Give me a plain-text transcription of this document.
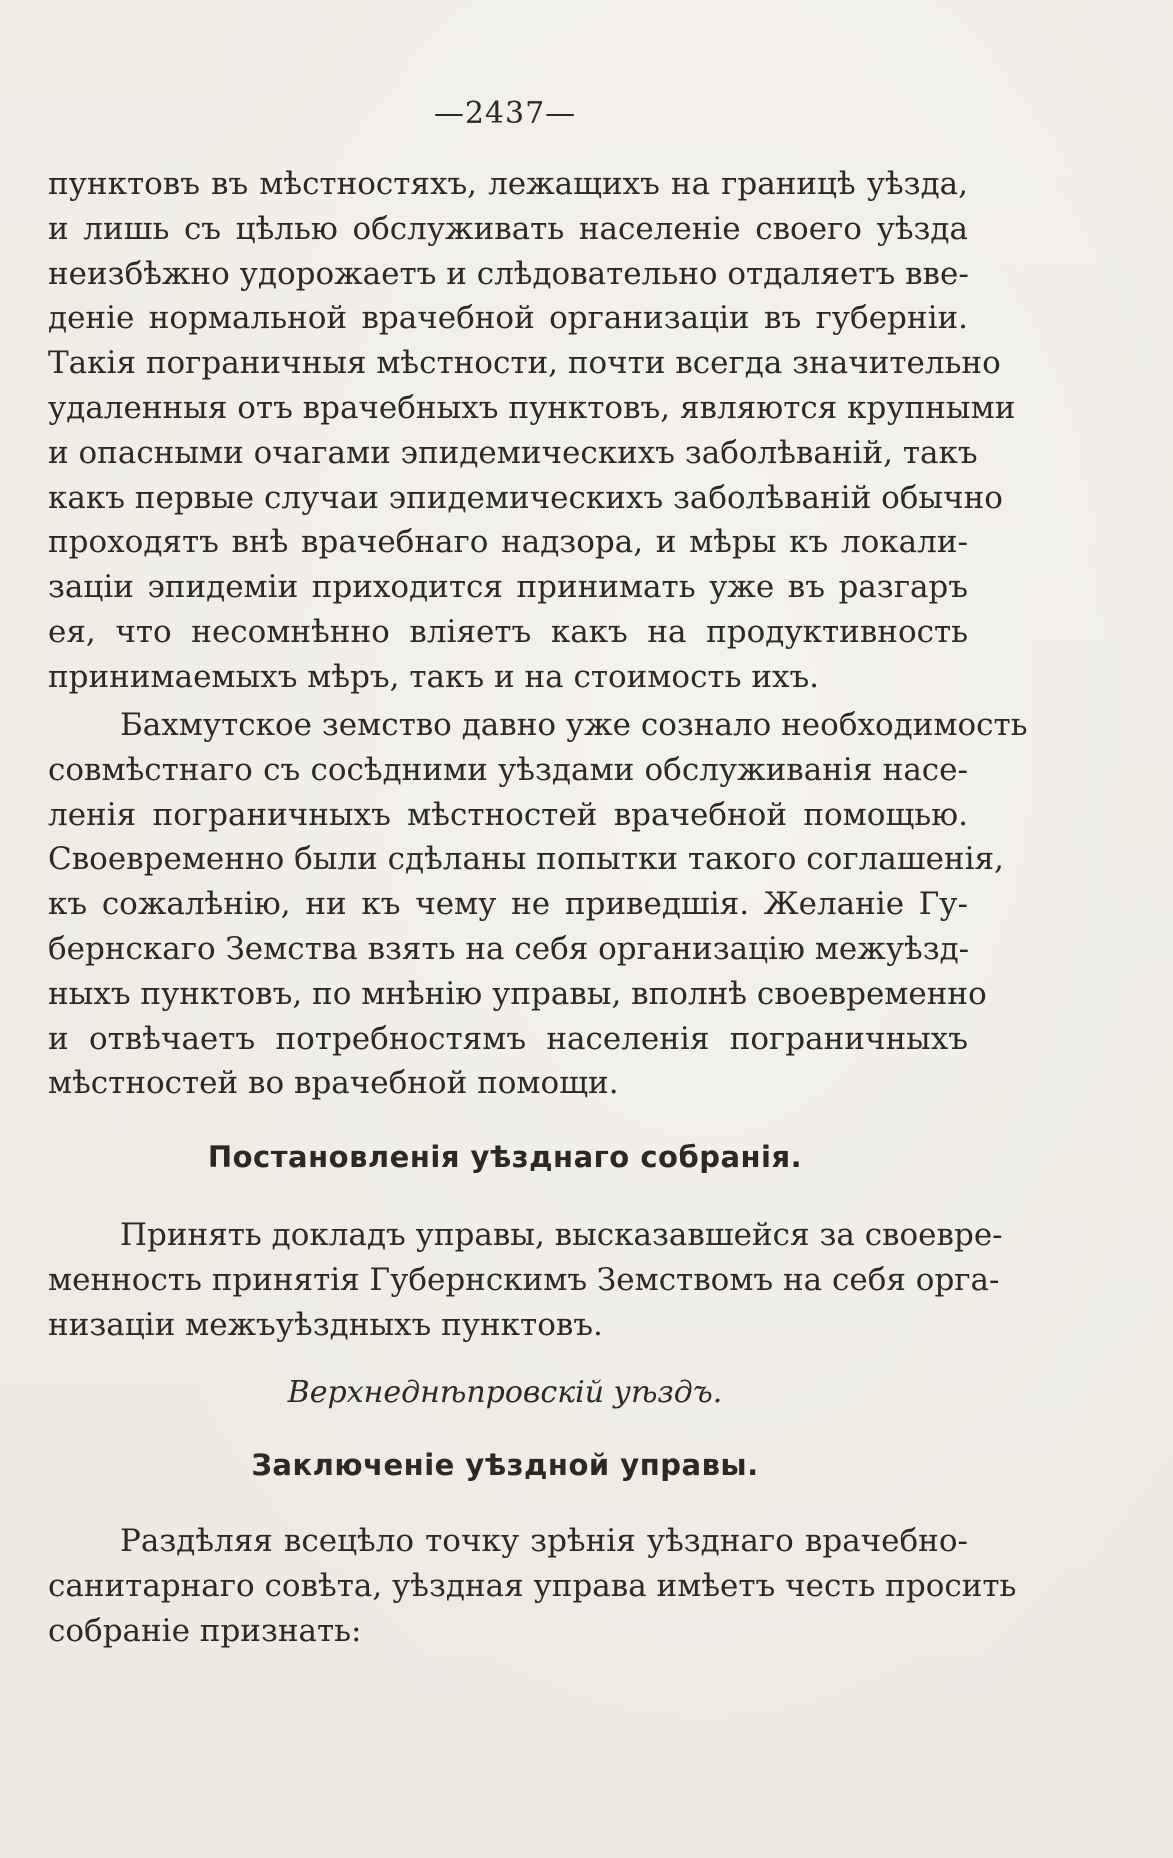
—2437—
пунктовъ въ мѣстностяхъ, лежащихъ на границѣ уѣзда,
и лишь съ цѣлью обслуживать населеніе своего уѣзда
неизбѣжно удорожаетъ и слѣдовательно отдаляетъ вве-
деніе нормальной врачебной организаціи въ губерніи.
Такія пограничныя мѣстности, почти всегда значительно
удаленныя отъ врачебныхъ пунктовъ, являются крупными
и опасными очагами эпидемическихъ заболѣваній, такъ
какъ первые случаи эпидемическихъ заболѣваній обычно
проходятъ внѣ врачебнаго надзора, и мѣры къ локали-
заціи эпидеміи приходится принимать уже въ разгаръ
ея, что несомнѣнно вліяетъ какъ на продуктивность
принимаемыхъ мѣръ, такъ и на стоимость ихъ.
Бахмутское земство давно уже сознало необходимость
совмѣстнаго съ сосѣдними уѣздами обслуживанія насе-
ленія пограничныхъ мѣстностей врачебной помощью.
Своевременно были сдѣланы попытки такого соглашенія,
къ сожалѣнію, ни къ чему не приведшія. Желаніе Гу-
бернскаго Земства взять на себя организацію межуѣзд-
ныхъ пунктовъ, по мнѣнію управы, вполнѣ своевременно
и отвѣчаетъ потребностямъ населенія пограничныхъ
мѣстностей во врачебной помощи.
Постановленія уѣзднаго собранія.
Принять докладъ управы, высказавшейся за своевре-
менность принятія Губернскимъ Земствомъ на себя орга-
низаціи межъуѣздныхъ пунктовъ.

Верхнеднѣпровскій уѣздъ.

Заключеніе уѣздной управы.
Раздѣляя всецѣло точку зрѣнія уѣзднаго врачебно-
санитарнаго совѣта, уѣздная управа имѣетъ честь просить
собраніе признать:
